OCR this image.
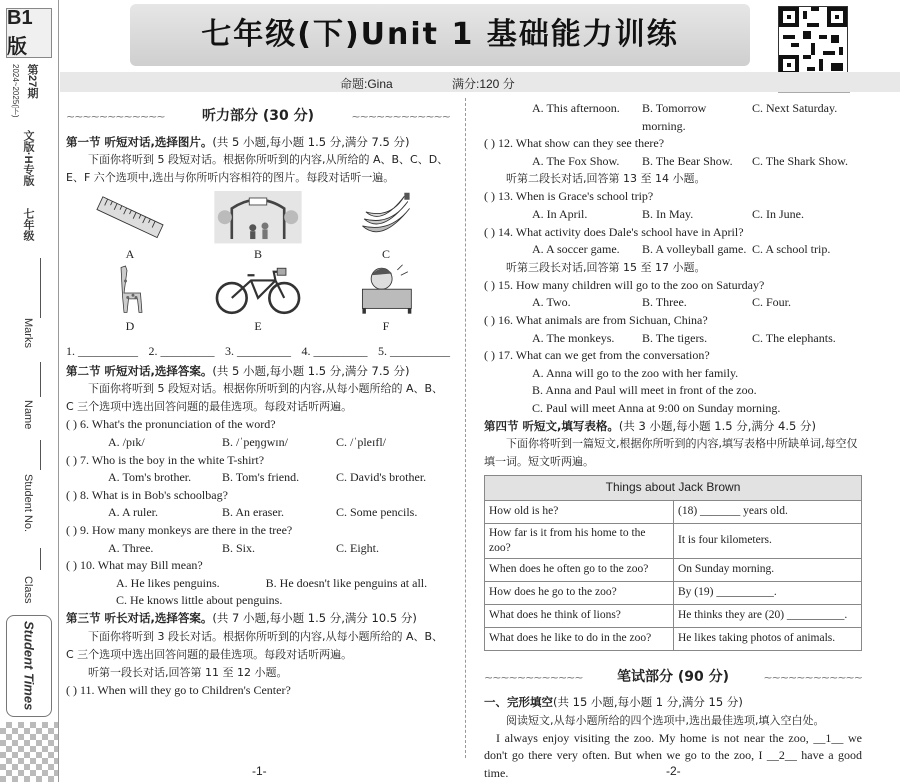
B1版
第27期
2024~2025(下)
文版·H专版
七年级
Marks
Name
Student No.
Class
Student Times
七年级(下)Unit 1 基础能力训练
命题:Gina	满分:120 分
~~~~~ 听力部分 (30 分) ~~~~~
第一节 听短对话,选择图片。(共 5 小题,每小题 1.5 分,满分 7.5 分)

下面你将听到 5 段短对话。根据你所听到的内容,从所给的 A、B、C、D、E、F 六个选项中,选出与你所听内容相符的图片。每段对话听一遍。

A	B	C
D	E	F
1. __________ 2. _________ 3. _________ 4. _________ 5. __________
第二节 听短对话,选择答案。(共 5 小题,每小题 1.5 分,满分 7.5 分)

下面你将听到 5 段短对话。根据你所听到的内容,从每小题所给的 A、B、C 三个选项中选出回答问题的最佳选项。每段对话听两遍。

( ) 6. What's the pronunciation of the word?

A. /pɪk/	B. /ˈpeŋɡwɪn/	C. /ˈpleɪfl/

( ) 7. Who is the boy in the white T-shirt?

A. Tom's brother.	B. Tom's friend.	C. David's brother.

( ) 8. What is in Bob's schoolbag?

A. A ruler.	B. An eraser.	C. Some pencils.

( ) 9. How many monkeys are there in the tree?

A. Three.	B. Six.	C. Eight.

( ) 10. What may Bill mean?

A. He likes penguins.	B. He doesn't like penguins at all.
C. He knows little about penguins.
第三节 听长对话,选择答案。(共 7 小题,每小题 1.5 分,满分 10.5 分)

下面你将听到 3 段长对话。根据你所听到的内容,从每小题所给的 A、B、C 三个选项中选出回答问题的最佳选项。每段对话听两遍。

听第一段长对话,回答第 11 至 12 小题。

( ) 11. When will they go to Children's Center?

A. This afternoon.	B. Tomorrow morning.
C. Next Saturday.

( ) 12. What show can they see there?

A. The Fox Show.	B. The Bear Show.	C. The Shark Show.

听第二段长对话,回答第 13 至 14 小题。

( ) 13. When is Grace's school trip?

A. In April.	B. In May.	C. In June.

( ) 14. What activity does Dale's school have in April?

A. A soccer game.	B. A volleyball game. C. A school trip.

听第三段长对话,回答第 15 至 17 小题。

( ) 15. How many children will go to the zoo on Saturday?

A. Two.	B. Three.	C. Four.

( ) 16. What animals are from Sichuan, China?

A. The monkeys.	B. The tigers.	C. The elephants.

( ) 17. What can we get from the conversation?

A. Anna will go to the zoo with her family.
B. Anna and Paul will meet in front of the zoo.
C. Paul will meet Anna at 9:00 on Sunday morning.
第四节 听短文,填写表格。(共 3 小题,每小题 1.5 分,满分 4.5 分)

下面你将听到一篇短文,根据你所听到的内容,填写表格中所缺单词,每空仅填一词。短文听两遍。

Things about Jack Brown	
How old is he?	(18) _______ years old.
How far is it from his home to the zoo?	It is four kilometers.
When does he often go to the zoo?	On Sunday morning.
How does he go to the zoo?	By (19) __________.
What does he think of lions?	He thinks they are (20) __________.
What does he like to do in the zoo?	He likes taking photos of animals.
~~~~~ 笔试部分 (90 分) ~~~~~
一、完形填空(共 15 小题,每小题 1 分,满分 15 分)

阅读短文,从每小题所给的四个选项中,选出最佳选项,填入空白处。

I always enjoy visiting the zoo. My home is not near the zoo, __1__ we don't go there very often. But when we go to the zoo, I __2__ have a good time.

-1-	-2-
